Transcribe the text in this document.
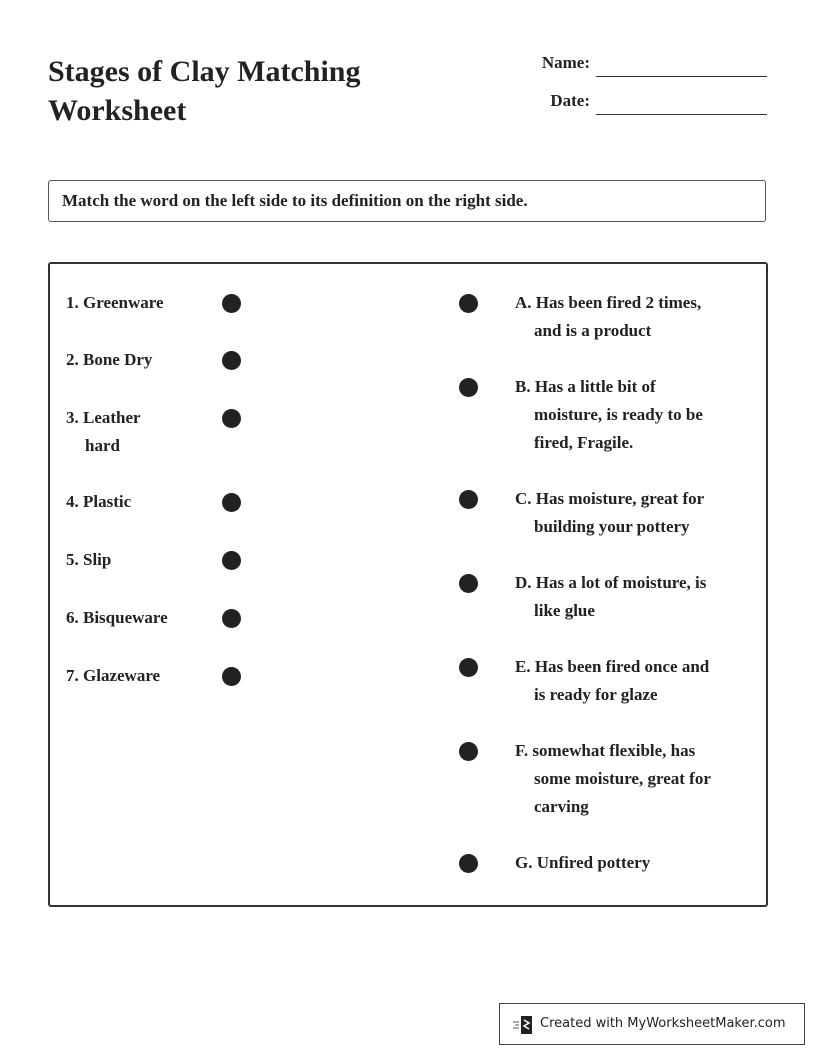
Stages of Clay Matching
Worksheet
Name:
Date:
Match the word on the left side to its definition on the right side.
1. Greenware
2. Bone Dry
3. Leather
hard
4. Plastic
5. Slip
6. Bisqueware
7. Glazeware
A. Has been fired 2 times,
and is a product
B. Has a little bit of
moisture, is ready to be
fired, Fragile.
C. Has moisture, great for
building your pottery
D. Has a lot of moisture, is
like glue
E. Has been fired once and
is ready for glaze
F. somewhat flexible, has
some moisture, great for
carving
G. Unfired pottery
Created with MyWorksheetMaker.com
